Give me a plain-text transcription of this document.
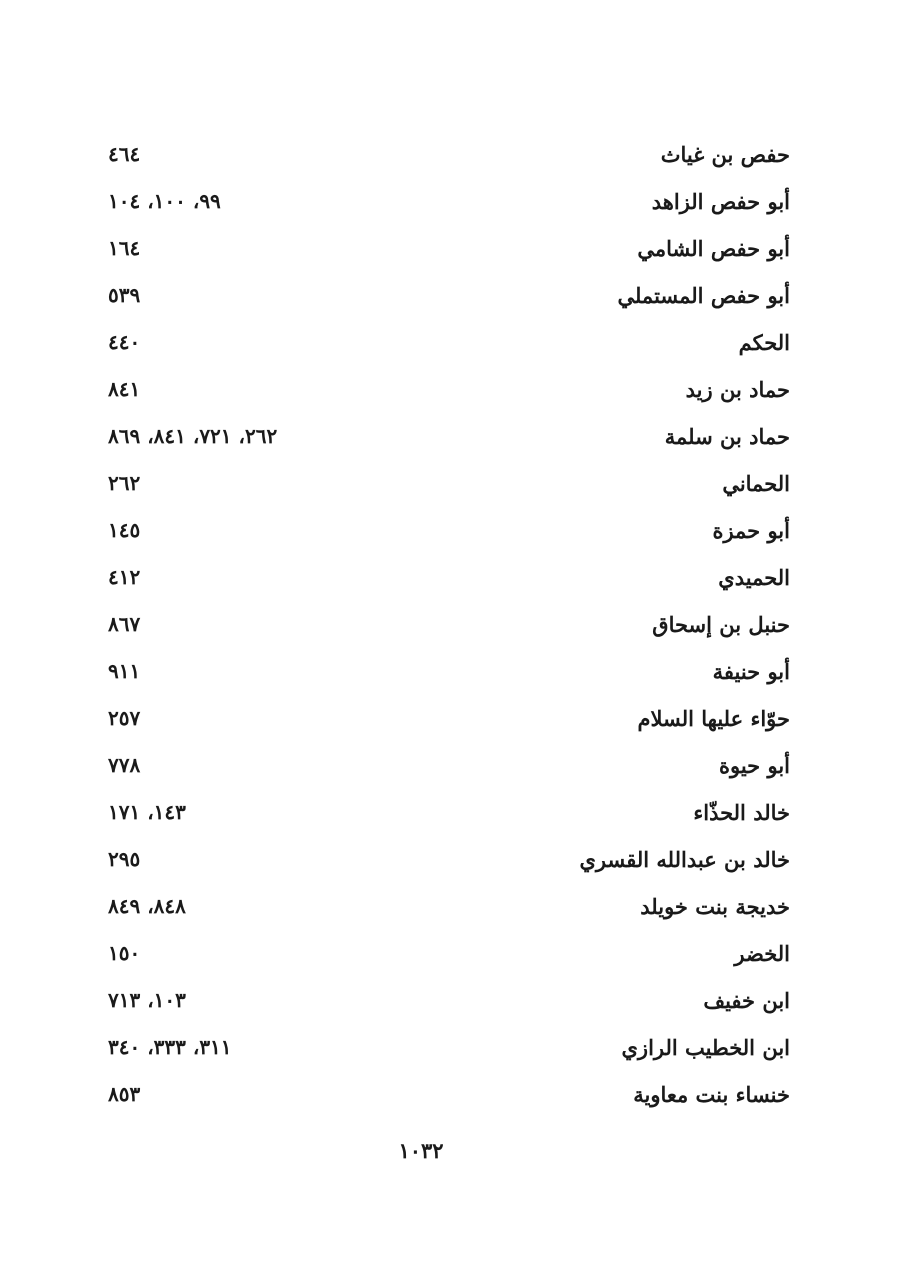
حفص بن غياث
٤٦٤
أبو حفص الزاهد
٩٩، ١٠٠، ١٠٤
أبو حفص الشامي
١٦٤
أبو حفص المستملي
٥٣٩
الحكم
٤٤٠
حماد بن زيد
٨٤١
حماد بن سلمة
٢٦٢، ٧٢١، ٨٤١، ٨٦٩
الحماني
٢٦٢
أبو حمزة
١٤٥
الحميدي
٤١٢
حنبل بن إسحاق
٨٦٧
أبو حنيفة
٩١١
حوّاء عليها السلام
٢٥٧
أبو حيوة
٧٧٨
خالد الحذّاء
١٤٣، ١٧١
خالد بن عبدالله القسري
٢٩٥
خديجة بنت خويلد
٨٤٨، ٨٤٩
الخضر
١٥٠
ابن خفيف
١٠٣، ٧١٣
ابن الخطيب الرازي
٣١١، ٣٣٣، ٣٤٠
خنساء بنت معاوية
٨٥٣
١٠٣٢
